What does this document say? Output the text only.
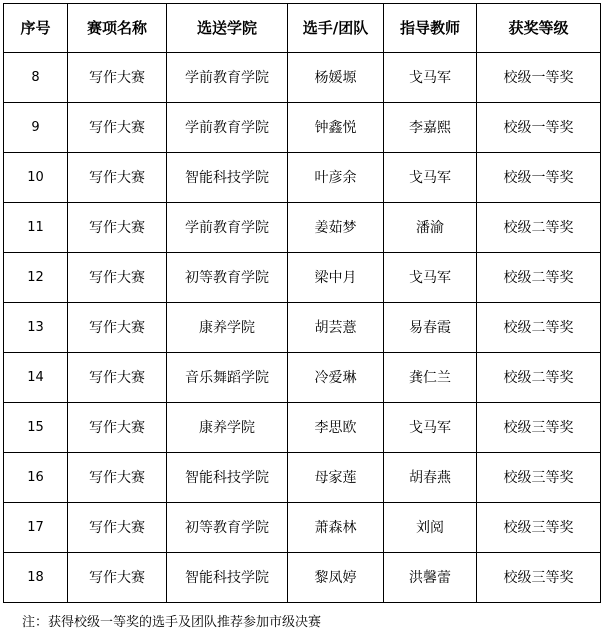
序号	赛项名称	选送学院	选手/团队	指导教师	获奖等级
8	写作大赛	学前教育学院	杨媛塬	戈马军	校级一等奖
9	写作大赛	学前教育学院	钟鑫悦	李嘉熙	校级一等奖
10	写作大赛	智能科技学院	叶彦余	戈马军	校级一等奖
11	写作大赛	学前教育学院	姜茹梦	潘渝	校级二等奖
12	写作大赛	初等教育学院	梁中月	戈马军	校级二等奖
13	写作大赛	康养学院	胡芸薏	易春霞	校级二等奖
14	写作大赛	音乐舞蹈学院	冷爱琳	龚仁兰	校级二等奖
15	写作大赛	康养学院	李思欧	戈马军	校级三等奖
16	写作大赛	智能科技学院	母家莲	胡春燕	校级三等奖
17	写作大赛	初等教育学院	萧森林	刘阅	校级三等奖
18	写作大赛	智能科技学院	黎凤婷	洪馨蕾	校级三等奖
注：获得校级一等奖的选手及团队推荐参加市级决赛
